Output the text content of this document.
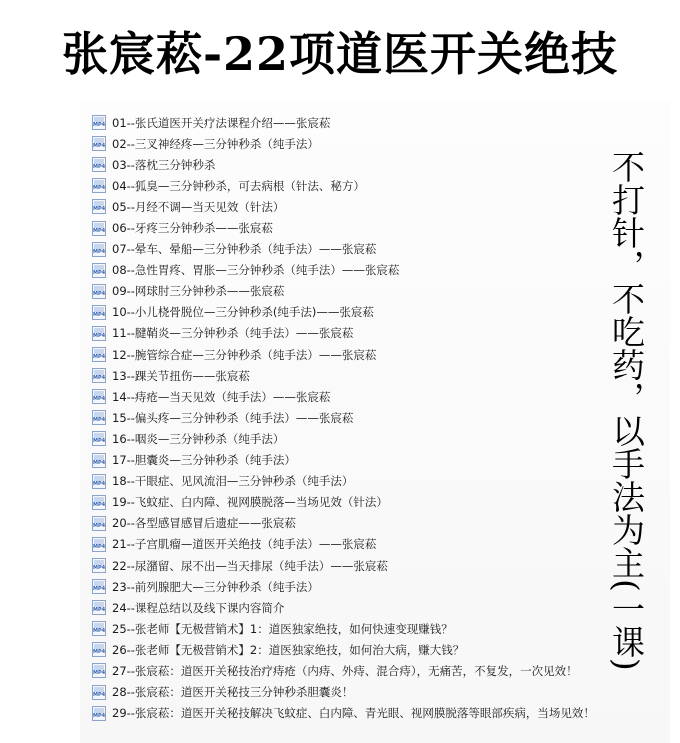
张宸菘-22项道医开关绝技
MP4 01--张氏道医开关疗法课程介绍——张宸菘
MP4 02--三叉神经疼—三分钟秒杀（纯手法）
MP4 03--落枕三分钟秒杀
MP4 04--狐臭—三分钟秒杀，可去病根（针法、秘方）
MP4 05--月经不调—当天见效（针法）
MP4 06--牙疼三分钟秒杀——张宸菘
MP4 07--晕车、晕船—三分钟秒杀（纯手法）——张宸菘
MP4 08--急性胃疼、胃胀—三分钟秒杀（纯手法）——张宸菘
MP4 09--网球肘三分钟秒杀——张宸菘
MP4 10--小儿桡骨脱位—三分钟秒杀(纯手法)——张宸菘
MP4 11--腱鞘炎—三分钟秒杀（纯手法）——张宸菘
MP4 12--腕管综合症—三分钟秒杀（纯手法）——张宸菘
MP4 13--踝关节扭伤——张宸菘
MP4 14--痔疮—当天见效（纯手法）——张宸菘
MP4 15--偏头疼—三分钟秒杀（纯手法）——张宸菘
MP4 16--咽炎—三分钟秒杀（纯手法）
MP4 17--胆囊炎—三分钟秒杀（纯手法）
MP4 18--干眼症、见风流泪—三分钟秒杀（纯手法）
MP4 19--飞蚊症、白内障、视网膜脱落—当场见效（针法）
MP4 20--各型感冒感冒后遗症——张宸菘
MP4 21--子宫肌瘤—道医开关绝技（纯手法）——张宸菘
MP4 22--尿潴留、尿不出—当天排尿（纯手法）——张宸菘
MP4 23--前列腺肥大—三分钟秒杀（纯手法）
MP4 24--课程总结以及线下课内容简介
MP4 25--张老师【无极营销术】1：道医独家绝技，如何快速变现赚钱？
MP4 26--张老师【无极营销术】2：道医独家绝技，如何治大病，赚大钱？
MP4 27--张宸菘：道医开关秘技治疗痔疮（内痔、外痔、混合痔），无痛苦，不复发，一次见效！
MP4 28--张宸菘：道医开关秘技三分钟秒杀胆囊炎！
MP4 29--张宸菘：道医开关秘技解决飞蚊症、白内障、青光眼、视网膜脱落等眼部疾病，当场见效！
不打针，不吃药，以手法为主(一课)
